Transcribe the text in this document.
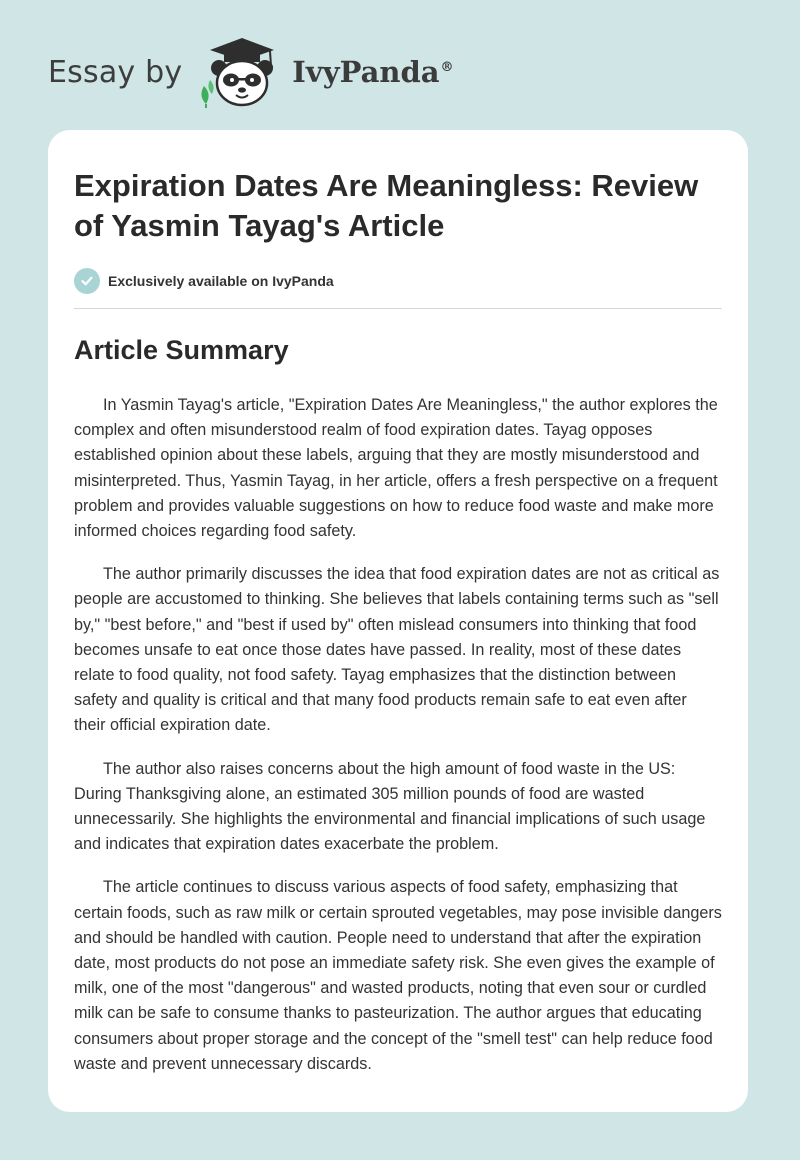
Essay by	IvyPanda®
Expiration Dates Are Meaningless: Review of Yasmin Tayag's Article
Exclusively available on IvyPanda
Article Summary

In Yasmin Tayag's article, "Expiration Dates Are Meaningless," the author explores the complex and often misunderstood realm of food expiration dates. Tayag opposes established opinion about these labels, arguing that they are mostly misunderstood and misinterpreted. Thus, Yasmin Tayag, in her article, offers a fresh perspective on a frequent problem and provides valuable suggestions on how to reduce food waste and make more informed choices regarding food safety.

The author primarily discusses the idea that food expiration dates are not as critical as people are accustomed to thinking. She believes that labels containing terms such as "sell by," "best before," and "best if used by" often mislead consumers into thinking that food becomes unsafe to eat once those dates have passed. In reality, most of these dates relate to food quality, not food safety. Tayag emphasizes that the distinction between safety and quality is critical and that many food products remain safe to eat even after their official expiration date.

The author also raises concerns about the high amount of food waste in the US: During Thanksgiving alone, an estimated 305 million pounds of food are wasted unnecessarily. She highlights the environmental and financial implications of such usage and indicates that expiration dates exacerbate the problem.

The article continues to discuss various aspects of food safety, emphasizing that certain foods, such as raw milk or certain sprouted vegetables, may pose invisible dangers and should be handled with caution. People need to understand that after the expiration date, most products do not pose an immediate safety risk. She even gives the example of milk, one of the most "dangerous" and wasted products, noting that even sour or curdled milk can be safe to consume thanks to pasteurization. The author argues that educating consumers about proper storage and the concept of the "smell test" can help reduce food waste and prevent unnecessary discards.
